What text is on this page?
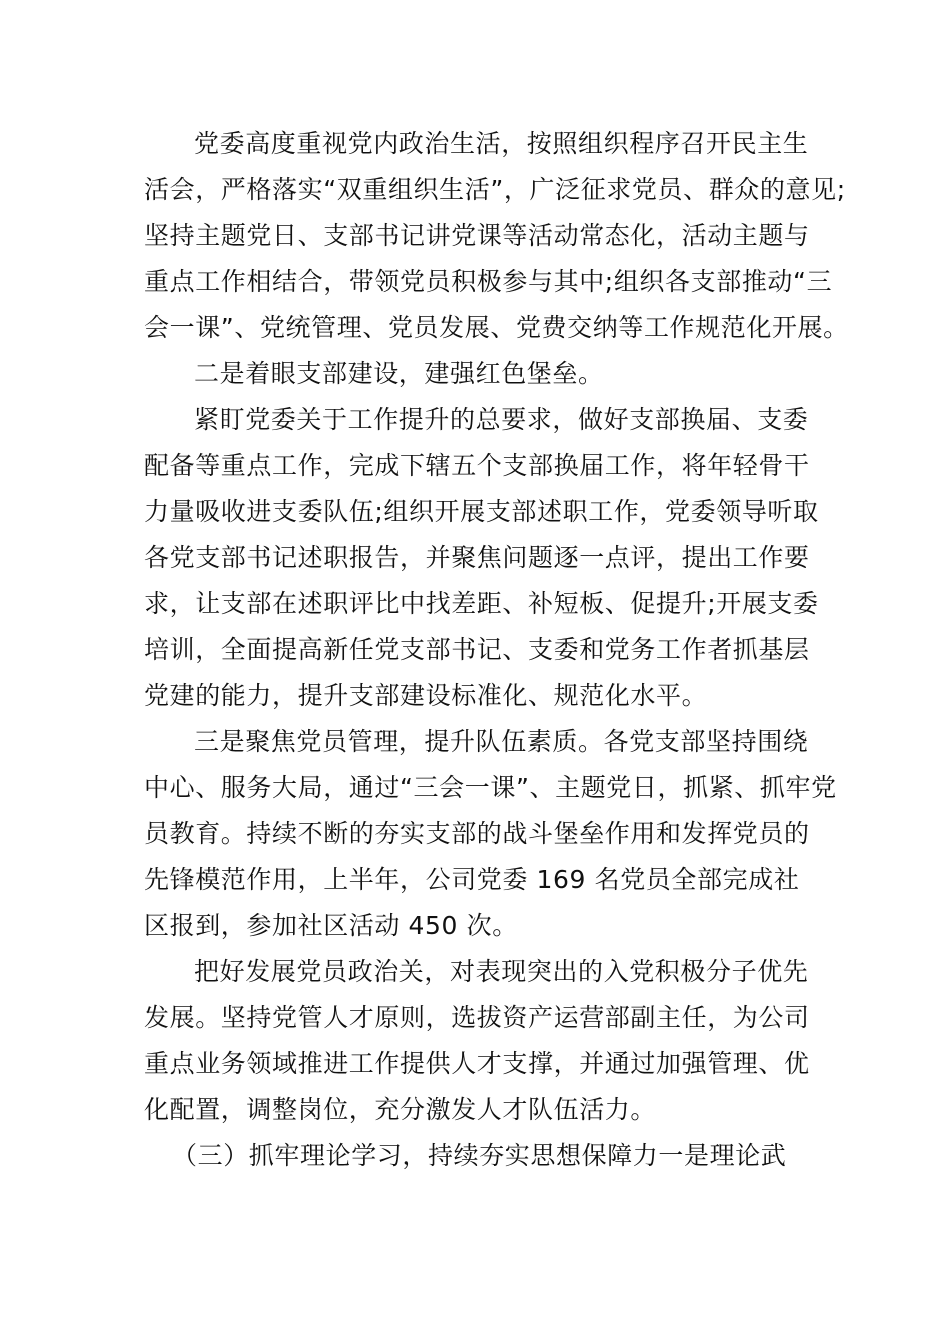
党委高度重视党内政治生活，按照组织程序召开民主生
活会，严格落实“双重组织生活”，广泛征求党员、群众的意见;
坚持主题党日、支部书记讲党课等活动常态化，活动主题与
重点工作相结合，带领党员积极参与其中;组织各支部推动“三
会一课”、党统管理、党员发展、党费交纳等工作规范化开展。
二是着眼支部建设，建强红色堡垒。
紧盯党委关于工作提升的总要求，做好支部换届、支委
配备等重点工作，完成下辖五个支部换届工作，将年轻骨干
力量吸收进支委队伍;组织开展支部述职工作，党委领导听取
各党支部书记述职报告，并聚焦问题逐一点评，提出工作要
求，让支部在述职评比中找差距、补短板、促提升;开展支委
培训，全面提高新任党支部书记、支委和党务工作者抓基层
党建的能力，提升支部建设标准化、规范化水平。
三是聚焦党员管理，提升队伍素质。各党支部坚持围绕
中心、服务大局，通过“三会一课”、主题党日，抓紧、抓牢党
员教育。持续不断的夯实支部的战斗堡垒作用和发挥党员的
先锋模范作用，上半年，公司党委 169 名党员全部完成社
区报到，参加社区活动 450 次。
把好发展党员政治关，对表现突出的入党积极分子优先
发展。坚持党管人才原则，选拔资产运营部副主任，为公司
重点业务领域推进工作提供人才支撑，并通过加强管理、优
化配置，调整岗位，充分激发人才队伍活力。
（三）抓牢理论学习，持续夯实思想保障力一是理论武
